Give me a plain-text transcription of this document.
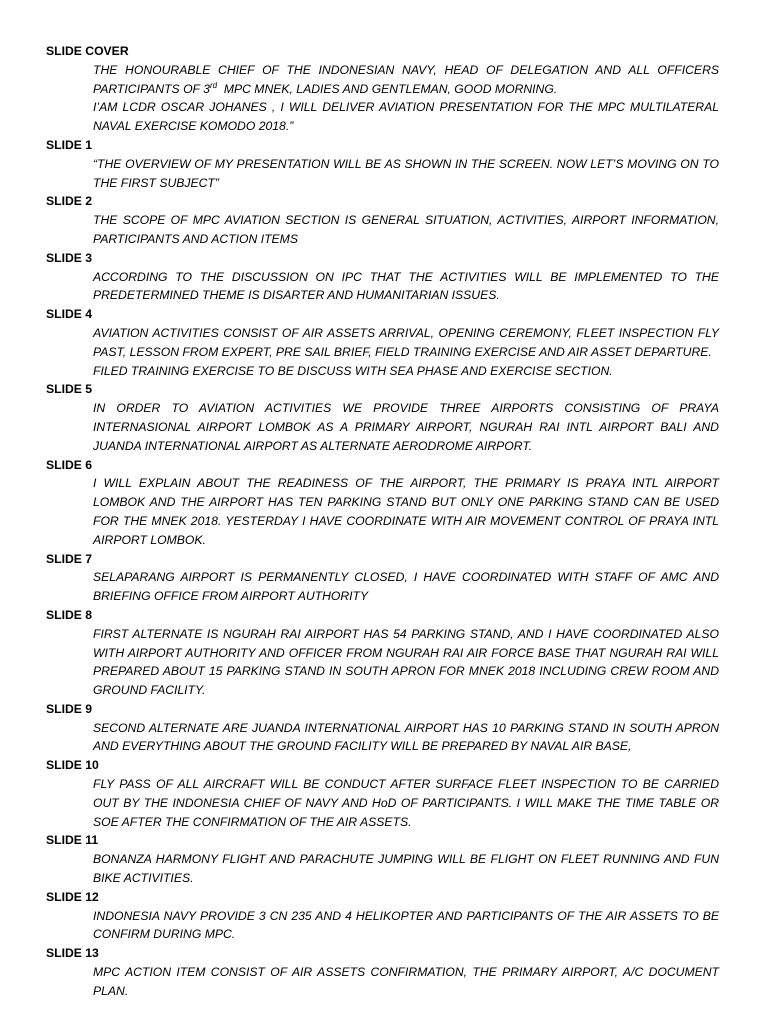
SLIDE COVER

THE HONOURABLE CHIEF OF THE INDONESIAN NAVY, HEAD OF DELEGATION AND ALL OFFICERS PARTICIPANTS OF 3rd  MPC MNEK, LADIES AND GENTLEMAN, GOOD MORNING.

I’AM LCDR OSCAR JOHANES , I WILL DELIVER AVIATION PRESENTATION FOR THE MPC MULTILATERAL NAVAL EXERCISE KOMODO 2018.”

SLIDE 1

“THE OVERVIEW OF MY PRESENTATION WILL BE AS SHOWN IN THE SCREEN. NOW LET’S MOVING ON TO THE FIRST SUBJECT”

SLIDE 2

THE SCOPE OF MPC AVIATION SECTION IS GENERAL SITUATION, ACTIVITIES, AIRPORT INFORMATION, PARTICIPANTS AND ACTION ITEMS

SLIDE 3

ACCORDING TO THE DISCUSSION ON IPC THAT THE ACTIVITIES WILL BE IMPLEMENTED TO THE PREDETERMINED THEME IS DISARTER AND HUMANITARIAN ISSUES.

SLIDE 4

AVIATION ACTIVITIES CONSIST OF AIR ASSETS ARRIVAL, OPENING CEREMONY, FLEET INSPECTION FLY PAST, LESSON FROM EXPERT, PRE SAIL BRIEF, FIELD TRAINING EXERCISE AND AIR ASSET DEPARTURE.

FILED TRAINING EXERCISE TO BE DISCUSS WITH SEA PHASE AND EXERCISE SECTION.

SLIDE 5

IN ORDER TO AVIATION ACTIVITIES WE PROVIDE THREE AIRPORTS CONSISTING OF PRAYA INTERNASIONAL AIRPORT LOMBOK AS A PRIMARY AIRPORT, NGURAH RAI INTL AIRPORT BALI AND JUANDA INTERNATIONAL AIRPORT AS ALTERNATE AERODROME AIRPORT.

SLIDE 6

I WILL EXPLAIN ABOUT THE READINESS OF THE AIRPORT, THE PRIMARY IS PRAYA INTL AIRPORT LOMBOK AND THE AIRPORT HAS TEN PARKING STAND BUT ONLY ONE PARKING STAND CAN BE USED FOR THE MNEK 2018. YESTERDAY I HAVE COORDINATE WITH AIR MOVEMENT CONTROL OF PRAYA INTL AIRPORT LOMBOK.

SLIDE 7

SELAPARANG AIRPORT IS PERMANENTLY CLOSED, I HAVE COORDINATED WITH STAFF OF AMC AND BRIEFING OFFICE FROM AIRPORT AUTHORITY

SLIDE 8

FIRST ALTERNATE IS NGURAH RAI AIRPORT HAS 54 PARKING STAND, AND I HAVE COORDINATED ALSO WITH AIRPORT AUTHORITY AND OFFICER FROM NGURAH RAI AIR FORCE BASE THAT NGURAH RAI WILL PREPARED ABOUT 15 PARKING STAND IN SOUTH APRON FOR MNEK 2018 INCLUDING CREW ROOM AND GROUND FACILITY.

SLIDE 9

SECOND ALTERNATE ARE JUANDA INTERNATIONAL AIRPORT HAS 10 PARKING STAND IN SOUTH APRON AND EVERYTHING ABOUT THE GROUND FACILITY WILL BE PREPARED BY NAVAL AIR BASE,

SLIDE 10

FLY PASS OF ALL AIRCRAFT WILL BE CONDUCT AFTER SURFACE FLEET INSPECTION TO BE CARRIED OUT BY THE INDONESIA CHIEF OF NAVY AND HoD OF PARTICIPANTS. I WILL MAKE THE TIME TABLE OR SOE AFTER THE CONFIRMATION OF THE AIR ASSETS.

SLIDE 11

BONANZA HARMONY FLIGHT AND PARACHUTE JUMPING WILL BE FLIGHT ON FLEET RUNNING AND FUN BIKE ACTIVITIES.

SLIDE 12

INDONESIA NAVY PROVIDE 3 CN 235 AND 4 HELIKOPTER AND PARTICIPANTS OF THE AIR ASSETS TO BE CONFIRM DURING MPC.

SLIDE 13

MPC ACTION ITEM CONSIST OF AIR ASSETS CONFIRMATION, THE PRIMARY AIRPORT, A/C DOCUMENT PLAN.
